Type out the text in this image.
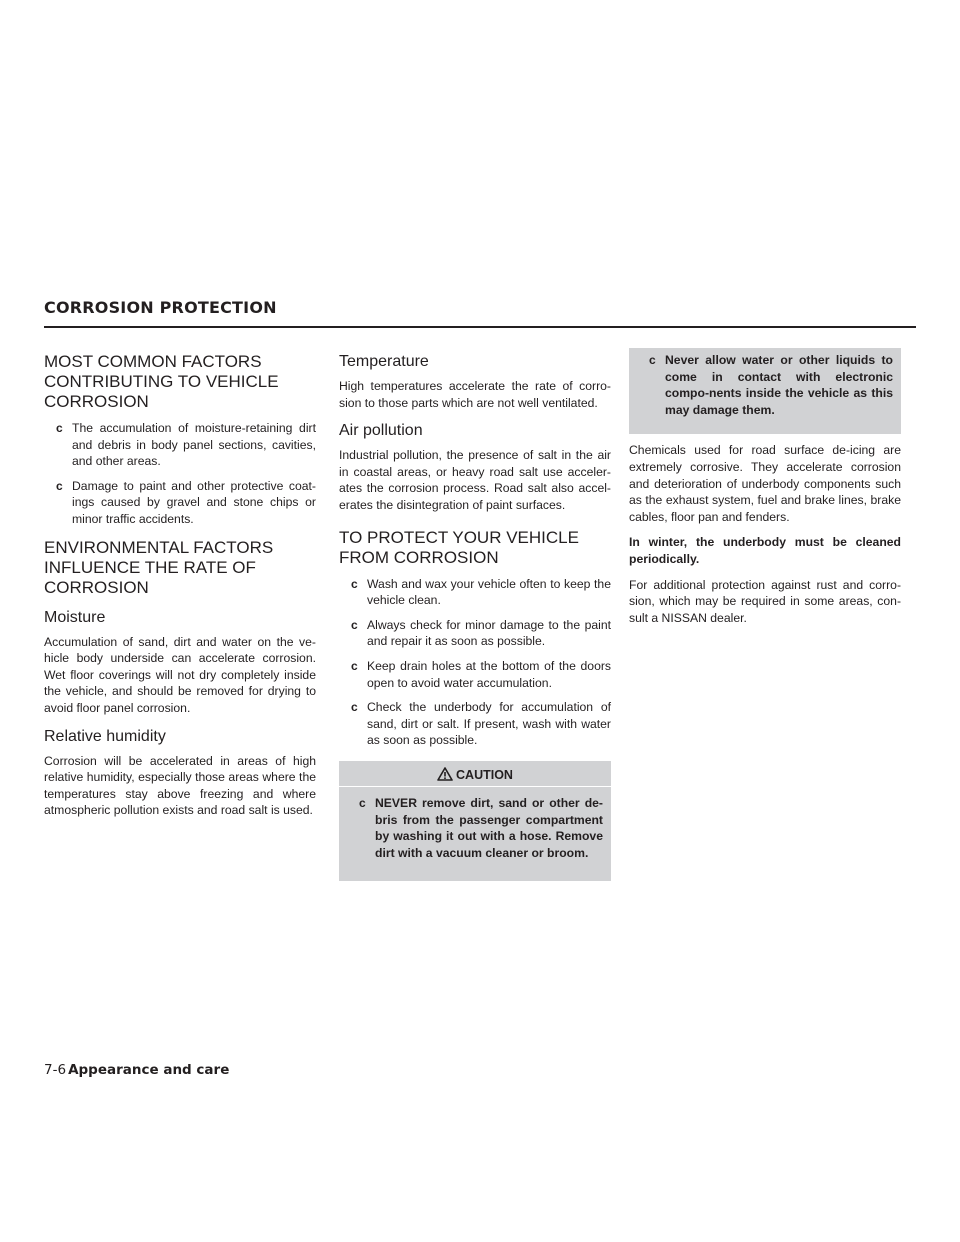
CORROSION PROTECTION
MOST COMMON FACTORS CONTRIBUTING TO VEHICLE CORROSION
c The accumulation of moisture-retaining dirt and debris in body panel sections, cavities, and other areas.
c Damage to paint and other protective coat-ings caused by gravel and stone chips or minor traffic accidents.
ENVIRONMENTAL FACTORS INFLUENCE THE RATE OF CORROSION
Moisture

Accumulation of sand, dirt and water on the ve-hicle body underside can accelerate corrosion. Wet floor coverings will not dry completely inside the vehicle, and should be removed for drying to avoid floor panel corrosion.

Relative humidity

Corrosion will be accelerated in areas of high relative humidity, especially those areas where the temperatures stay above freezing and where atmospheric pollution exists and road salt is used.

Temperature

High temperatures accelerate the rate of corro-sion to those parts which are not well ventilated.

Air pollution

Industrial pollution, the presence of salt in the air in coastal areas, or heavy road salt use acceler-ates the corrosion process. Road salt also accel-erates the disintegration of paint surfaces.

TO PROTECT YOUR VEHICLE FROM CORROSION
c Wash and wax your vehicle often to keep the vehicle clean.
c Always check for minor damage to the paint and repair it as soon as possible.
c Keep drain holes at the bottom of the doors open to avoid water accumulation.
c Check the underbody for accumulation of sand, dirt or salt. If present, wash with water as soon as possible.
CAUTION
c NEVER remove dirt, sand or other de-bris from the passenger compartment by washing it out with a hose. Remove dirt with a vacuum cleaner or broom.
c Never allow water or other liquids to come in contact with electronic compo-nents inside the vehicle as this may damage them.

Chemicals used for road surface de-icing are extremely corrosive. They accelerate corrosion and deterioration of underbody components such as the exhaust system, fuel and brake lines, brake cables, floor pan and fenders.

In winter, the underbody must be cleaned periodically.

For additional protection against rust and corro-sion, which may be required in some areas, con-sult a NISSAN dealer.

7-6 Appearance and care
